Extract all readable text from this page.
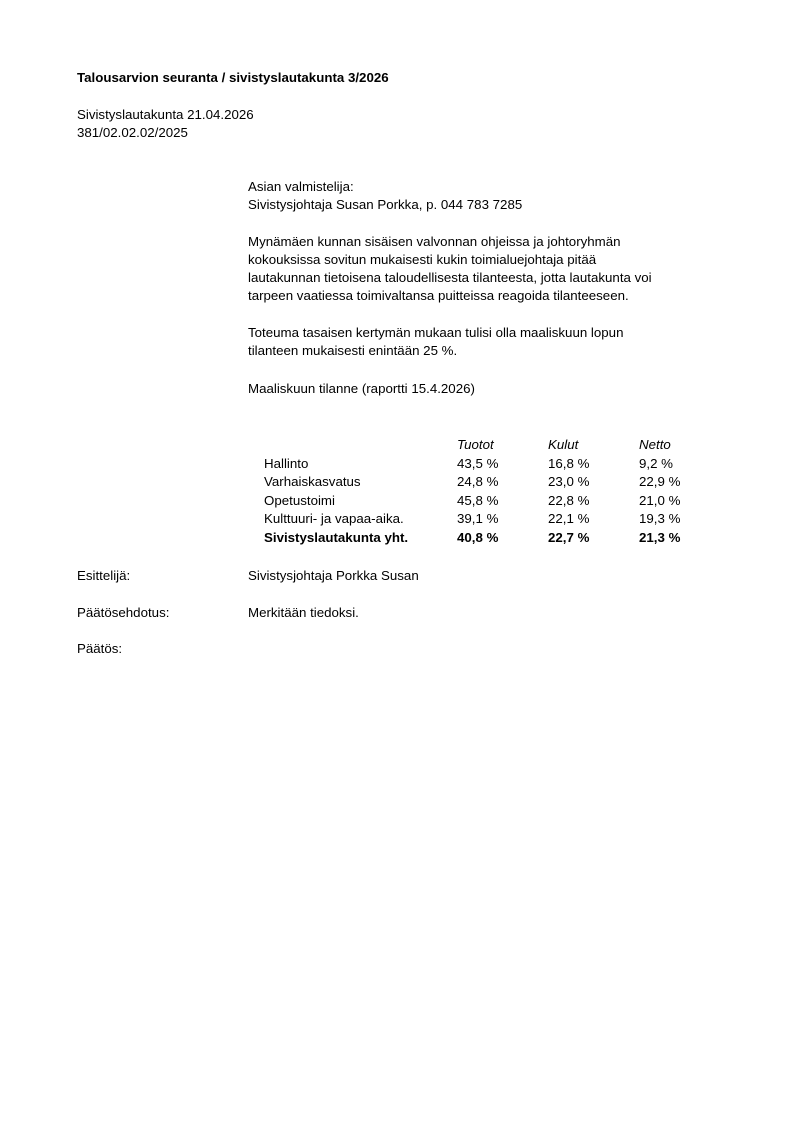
Talousarvion seuranta / sivistyslautakunta 3/2026
Sivistyslautakunta 21.04.2026
381/02.02.02/2025
Asian valmistelija:
Sivistysjohtaja Susan Porkka, p. 044 783 7285
Mynämäen kunnan sisäisen valvonnan ohjeissa ja johtoryhmän
kokouksissa sovitun mukaisesti kukin toimialuejohtaja pitää
lautakunnan tietoisena taloudellisesta tilanteesta, jotta lautakunta voi
tarpeen vaatiessa toimivaltansa puitteissa reagoida tilanteeseen.
Toteuma tasaisen kertymän mukaan tulisi olla maaliskuun lopun
tilanteen mukaisesti enintään 25 %.
Maaliskuun tilanne (raportti 15.4.2026)
	Tuotot	Kulut	Netto
Hallinto	43,5 %	16,8 %	9,2 %
Varhaiskasvatus	24,8 %	23,0 %	22,9 %
Opetustoimi	45,8 %	22,8 %	21,0 %
Kulttuuri- ja vapaa-aika.	39,1 %	22,1 %	19,3 %
Sivistyslautakunta yht.	40,8 %	22,7 %	21,3 %
Esittelijä:	Sivistysjohtaja Porkka Susan
Päätösehdotus:	Merkitään tiedoksi.
Päätös:
